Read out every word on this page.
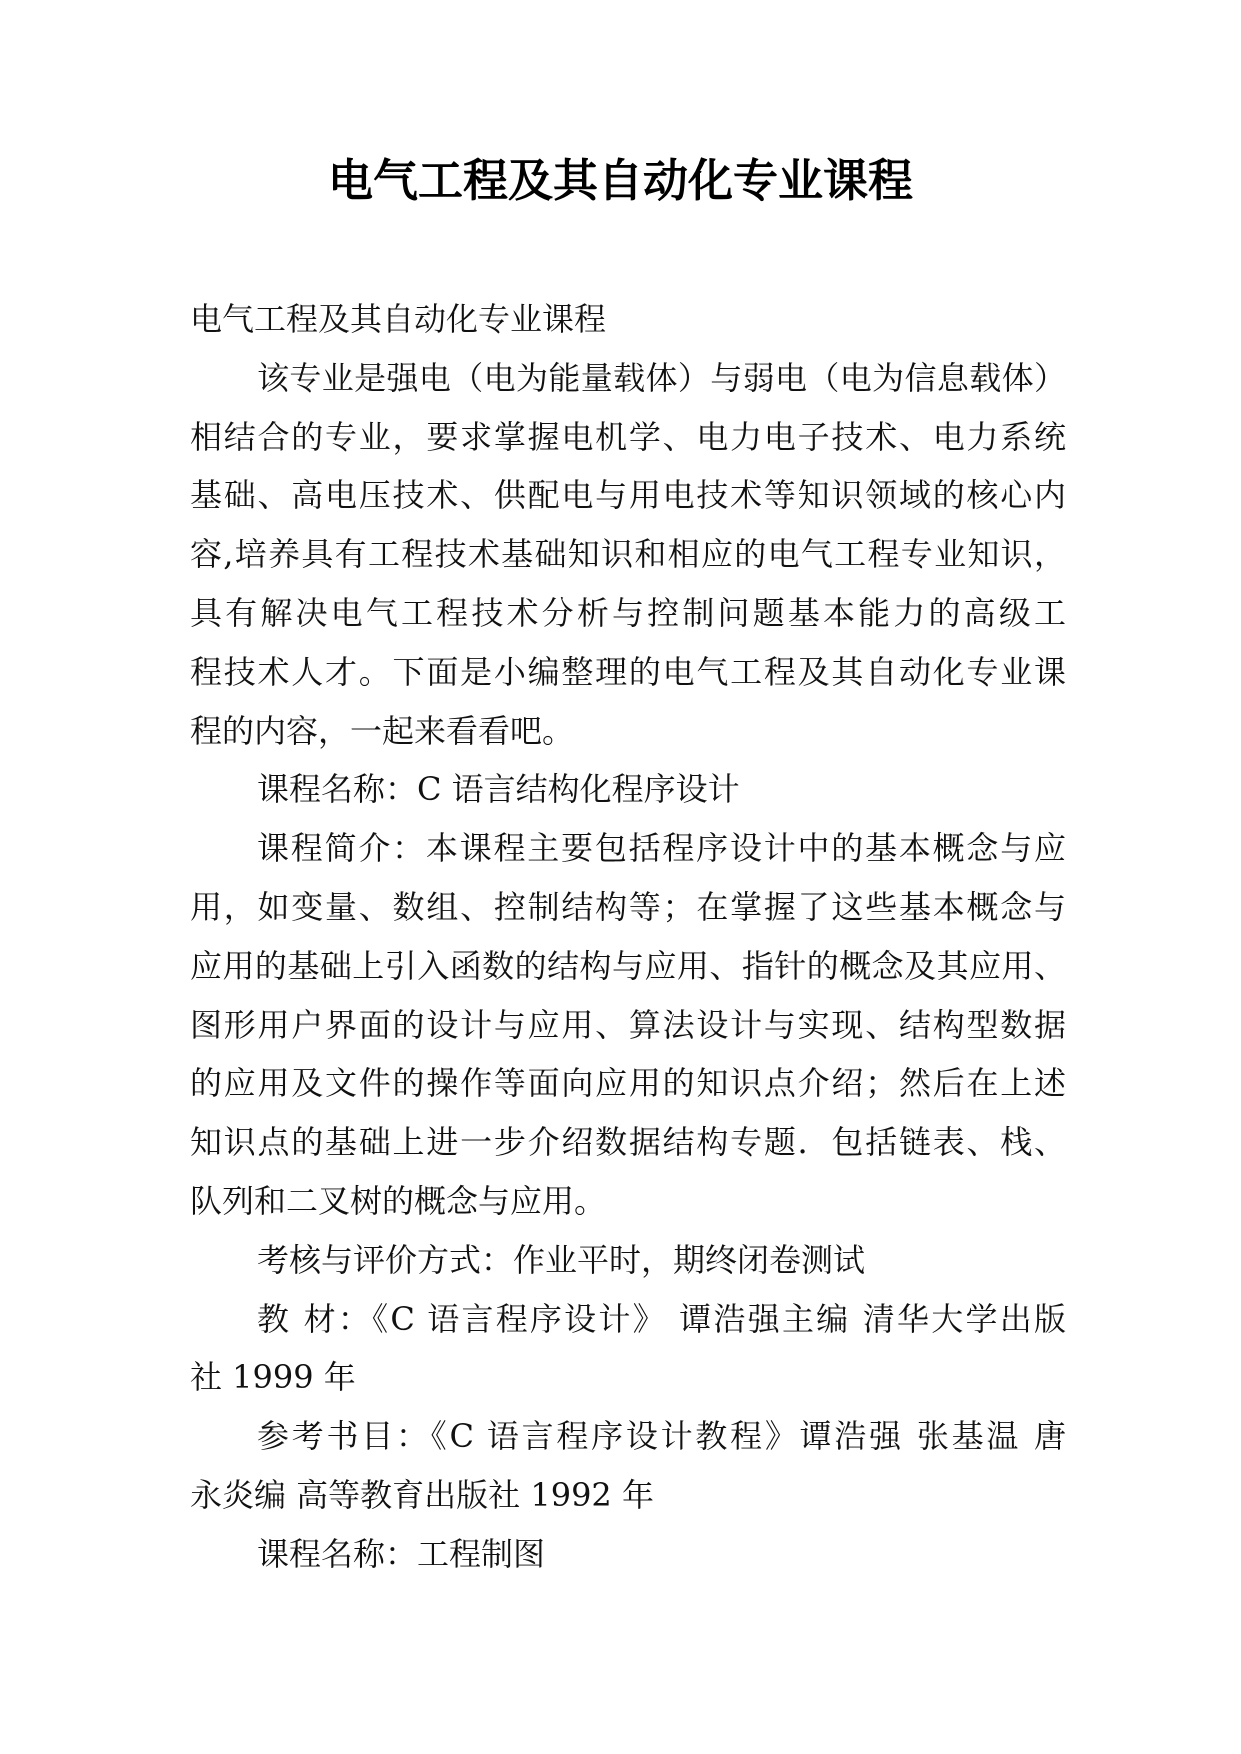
电气工程及其自动化专业课程
电气工程及其自动化专业课程
该专业是强电（电为能量载体）与弱电（电为信息载体）
相结合的专业，要求掌握电机学、电力电子技术、电力系统
基础、高电压技术、供配电与用电技术等知识领域的核心内
容,培养具有工程技术基础知识和相应的电气工程专业知识，
具有解决电气工程技术分析与控制问题基本能力的高级工
程技术人才。下面是小编整理的电气工程及其自动化专业课
程的内容，一起来看看吧。
课程名称：C 语言结构化程序设计
课程简介：本课程主要包括程序设计中的基本概念与应
用，如变量、数组、控制结构等；在掌握了这些基本概念与
应用的基础上引入函数的结构与应用、指针的概念及其应用、
图形用户界面的设计与应用、算法设计与实现、结构型数据
的应用及文件的操作等面向应用的知识点介绍；然后在上述
知识点的基础上进一步介绍数据结构专题．包括链表、栈、
队列和二叉树的概念与应用。
考核与评价方式：作业平时，期终闭卷测试
教 材：《C 语言程序设计》 谭浩强主编 清华大学出版
社 1999 年
参考书目：《C 语言程序设计教程》谭浩强 张基温 唐
永炎编 高等教育出版社 1992 年
课程名称：工程制图
